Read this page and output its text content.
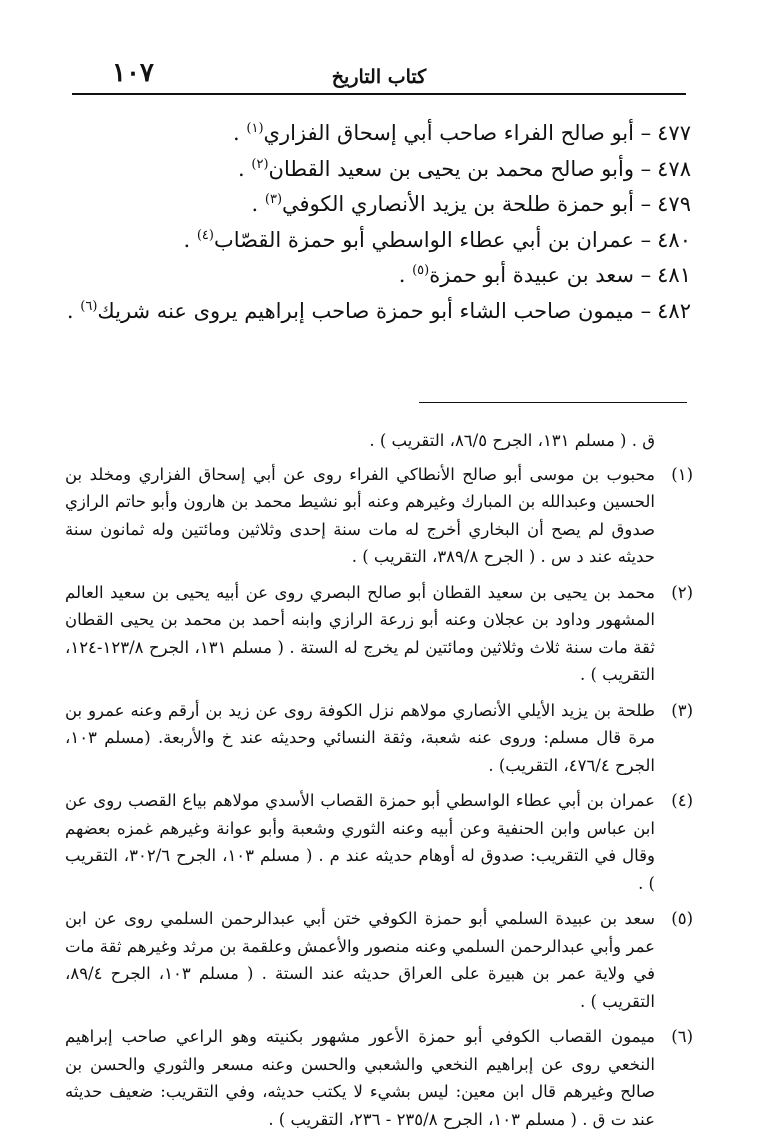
١٠٧	كتاب التاريخ
٤٧٧– أبو صالح الفراء صاحب أبي إسحاق الفزاري$^{(١)}$ .
٤٧٨– وأبو صالح محمد بن يحيى بن سعيد القطان$^{(٢)}$ .
٤٧٩– أبو حمزة طلحة بن يزيد الأنصاري الكوفي$^{(٣)}$ .
٤٨٠– عمران بن أبي عطاء الواسطي أبو حمزة القصّاب$^{(٤)}$ .
٤٨١– سعد بن عبيدة أبو حمزة$^{(٥)}$ .
٤٨٢– ميمون صاحب الشاء أبو حمزة صاحب إبراهيم يروى عنه شريك$^{(٦)}$ .

ق . ( مسلم ١٣١، الجرح ٨٦/٥، التقريب ) .

(١)

محبوب بن موسى أبو صالح الأنطاكي الفراء روى عن أبي إسحاق الفزاري ومخلد بن الحسين وعبدالله بن المبارك وغيرهم وعنه أبو نشيط محمد بن هارون وأبو حاتم الرازي صدوق لم يصح أن البخاري أخرج له مات سنة إحدى وثلاثين ومائتين وله ثمانون سنة حديثه عند د س . ( الجرح ٣٨٩/٨، التقريب ) .

(٢)

محمد بن يحيى بن سعيد القطان أبو صالح البصري روى عن أبيه يحيى بن سعيد العالم المشهور وداود بن عجلان وعنه أبو زرعة الرازي وابنه أحمد بن محمد بن يحيى القطان ثقة مات سنة ثلاث وثلاثين ومائتين لم يخرج له الستة . ( مسلم ١٣١، الجرح ١٢٣/٨-١٢٤، التقريب ) .

(٣)

طلحة بن يزيد الأيلي الأنصاري مولاهم نزل الكوفة روى عن زيد بن أرقم وعنه عمرو بن مرة قال مسلم: وروى عنه شعبة، وثقة النسائي وحديثه عند خ والأربعة. (مسلم ١٠٣، الجرح ٤٧٦/٤، التقريب) .

(٤)

عمران بن أبي عطاء الواسطي أبو حمزة القصاب الأسدي مولاهم بياع القصب روى عن ابن عباس وابن الحنفية وعن أبيه وعنه الثوري وشعبة وأبو عوانة وغيرهم غمزه بعضهم وقال في التقريب: صدوق له أوهام حديثه عند م . ( مسلم ١٠٣، الجرح ٣٠٢/٦، التقريب ) .

(٥)

سعد بن عبيدة السلمي أبو حمزة الكوفي ختن أبي عبدالرحمن السلمي روى عن ابن عمر وأبي عبدالرحمن السلمي وعنه منصور والأعمش وعلقمة بن مرثد وغيرهم ثقة مات في ولاية عمر بن هبيرة على العراق حديثه عند الستة . ( مسلم ١٠٣، الجرح ٨٩/٤، التقريب ) .

(٦)

ميمون القصاب الكوفي أبو حمزة الأعور مشهور بكنيته وهو الراعي صاحب إبراهيم النخعي روى عن إبراهيم النخعي والشعبي والحسن وعنه مسعر والثوري والحسن بن صالح وغيرهم قال ابن معين: ليس بشيء لا يكتب حديثه، وفي التقريب: ضعيف حديثه عند ت ق . ( مسلم ١٠٣، الجرح ٢٣٥/٨ - ٢٣٦، التقريب ) .
